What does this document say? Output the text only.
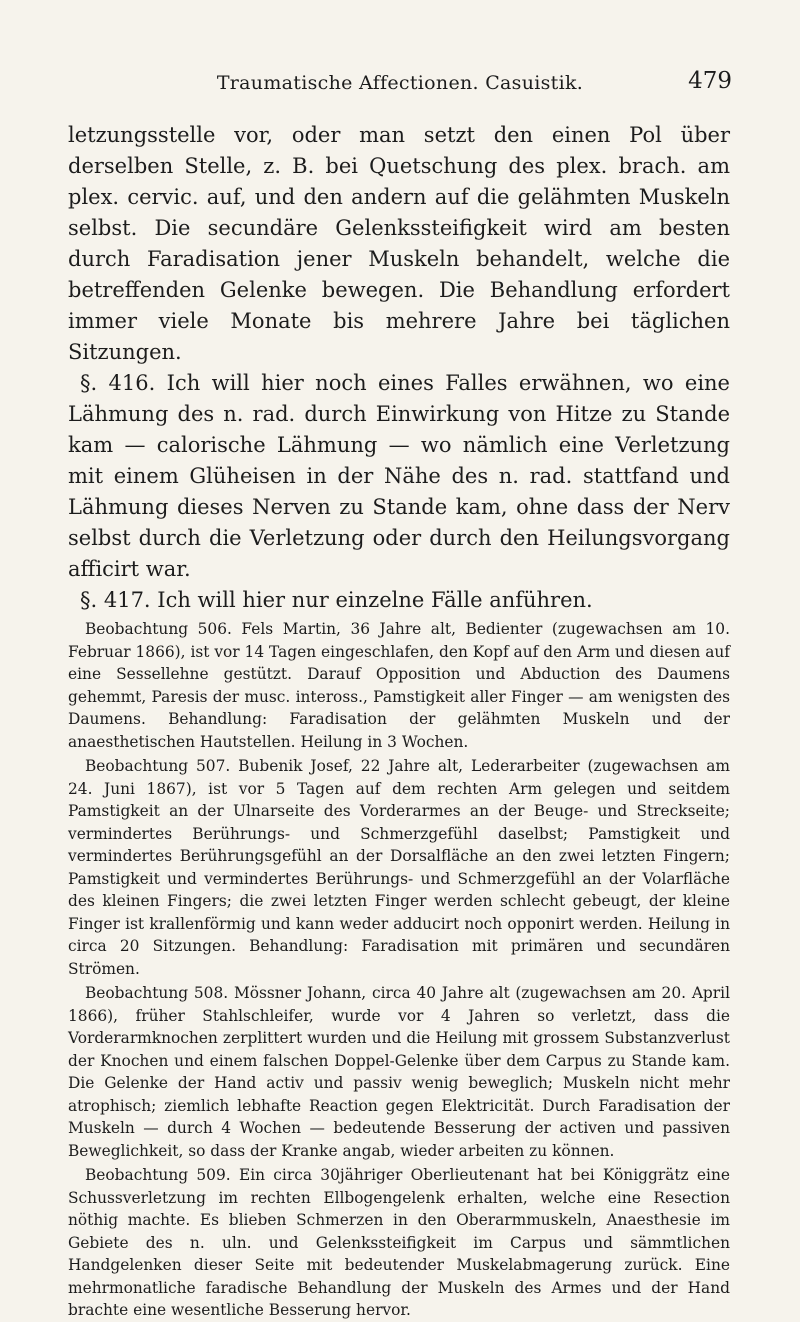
Traumatische Affectionen. Casuistik.	479

letzungsstelle vor, oder man setzt den einen Pol über derselben Stelle, z. B. bei Quetschung des plex. brach. am plex. cervic. auf, und den andern auf die gelähmten Muskeln selbst. Die secundäre Gelenkssteifigkeit wird am besten durch Faradisation jener Muskeln behandelt, welche die betreffenden Gelenke bewegen. Die Behandlung erfordert immer viele Monate bis mehrere Jahre bei täglichen Sitzungen.

§. 416. Ich will hier noch eines Falles erwähnen, wo eine Lähmung des n. rad. durch Einwirkung von Hitze zu Stande kam — calorische Lähmung — wo nämlich eine Verletzung mit einem Glüheisen in der Nähe des n. rad. stattfand und Lähmung dieses Nerven zu Stande kam, ohne dass der Nerv selbst durch die Verletzung oder durch den Heilungsvorgang afficirt war.

§. 417. Ich will hier nur einzelne Fälle anführen.

Beobachtung 506. Fels Martin, 36 Jahre alt, Bedienter (zugewachsen am 10. Februar 1866), ist vor 14 Tagen eingeschlafen, den Kopf auf den Arm und diesen auf eine Sessellehne gestützt. Darauf Opposition und Abduction des Daumens gehemmt, Paresis der musc. inteross., Pamstigkeit aller Finger — am wenigsten des Daumens. Behandlung: Faradisation der gelähmten Muskeln und der anaesthetischen Hautstellen. Heilung in 3 Wochen.

Beobachtung 507. Bubenik Josef, 22 Jahre alt, Lederarbeiter (zugewachsen am 24. Juni 1867), ist vor 5 Tagen auf dem rechten Arm gelegen und seitdem Pamstigkeit an der Ulnarseite des Vorderarmes an der Beuge- und Streckseite; vermindertes Berührungs- und Schmerzgefühl daselbst; Pamstigkeit und vermindertes Berührungsgefühl an der Dorsalfläche an den zwei letzten Fingern; Pamstigkeit und vermindertes Berührungs- und Schmerzgefühl an der Volarfläche des kleinen Fingers; die zwei letzten Finger werden schlecht gebeugt, der kleine Finger ist krallenförmig und kann weder adducirt noch opponirt werden. Heilung in circa 20 Sitzungen. Behandlung: Faradisation mit primären und secundären Strömen.

Beobachtung 508. Mössner Johann, circa 40 Jahre alt (zugewachsen am 20. April 1866), früher Stahlschleifer, wurde vor 4 Jahren so verletzt, dass die Vorderarmknochen zerplittert wurden und die Heilung mit grossem Substanzverlust der Knochen und einem falschen Doppel-Gelenke über dem Carpus zu Stande kam. Die Gelenke der Hand activ und passiv wenig beweglich; Muskeln nicht mehr atrophisch; ziemlich lebhafte Reaction gegen Elektricität. Durch Faradisation der Muskeln — durch 4 Wochen — bedeutende Besserung der activen und passiven Beweglichkeit, so dass der Kranke angab, wieder arbeiten zu können.

Beobachtung 509. Ein circa 30jähriger Oberlieutenant hat bei Königgrätz eine Schussverletzung im rechten Ellbogengelenk erhalten, welche eine Resection nöthig machte. Es blieben Schmerzen in den Oberarmmuskeln, Anaesthesie im Gebiete des n. uln. und Gelenkssteifigkeit im Carpus und sämmtlichen Handgelenken dieser Seite mit bedeutender Muskelabmagerung zurück. Eine mehrmonatliche faradische Behandlung der Muskeln des Armes und der Hand brachte eine wesentliche Besserung hervor.
